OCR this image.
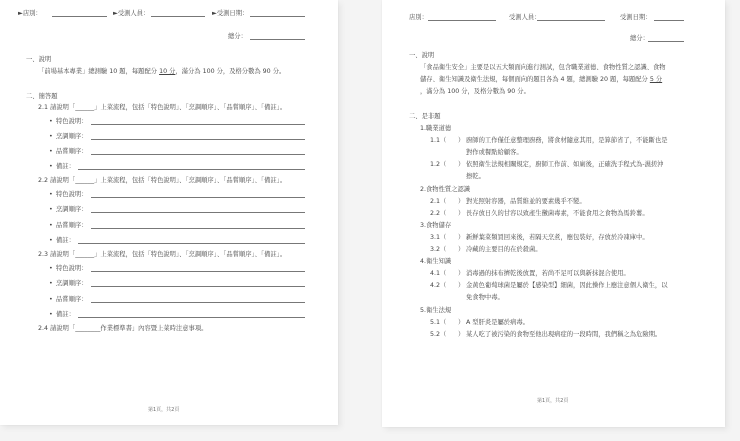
►店別：	►受測人員：	►受測日期：
總分：
一、說明
「前場基本專業」總測驗 10 題，每題配分 10 分，滿分為 100 分，及格分數為 90 分。
二、簡答題
2.1 請說明「______」上菜流程，包括「特色說明」、「烹調順序」、「品嘗順序」、「備註」。
• 特色說明：
• 烹調順序：
• 品嘗順序：
• 備註：
2.2 請說明「______」上菜流程，包括「特色說明」、「烹調順序」、「品嘗順序」、「備註」。
• 特色說明：
• 烹調順序：
• 品嘗順序：
• 備註：
2.3 請說明「______」上菜流程，包括「特色說明」、「烹調順序」、「品嘗順序」、「備註」。
• 特色說明：
• 烹調順序：
• 品嘗順序：
• 備註：
2.4 請說明「________作業標準書」內容暨上菜時注意事項。
第1頁，共2頁
店別：	受測人員：	受測日期：
總分：
一、說明
「食品衛生安全」主要是以五大類面向進行測試，包含職業道德、食物性質之認識、食物
儲存、衛生知識及衛生法規，每個面向的題目各為 4 題，總測驗 20 題，每題配分 5 分
，滿分為 100 分，及格分數為 90 分。
二、是非題
1.職業道德
1.1（ ） 廚師的工作僅任意整理廚務，將食材隨意其用，是算節省了，不能斷也是
對作或餐點給顧客。
1.2（ ） 依照衛生法規相關規定，廚師工作前、如廁後，正確洗手程式為-濕搓沖
擦乾。
2.食物性質之認識
2.1（ ） 對光照射容器，品質維並的要素幾乎不變。
2.2（ ） 長存放日久的甘容以致產生黴菌毒素，不能食用之食物為馬鈴薯。
3.食物儲存
3.1（ ） 新鮮葉菜類買回來後，若隔天烹煮，應包裝好，存放於冷凍庫中。
3.2（ ） 冷藏的主要目的在於殺菌。
4.衛生知識
4.1（ ） 消毒過的抹布擠乾後放置，若尚不足可以與新抹混合使用。
4.2（ ） 金黃色葡萄球菌是屬於【感染型】細菌，因此操作上應注意個人衛生，以
免食物中毒。
5.衛生法規
5.1（ ） A 型肝炎是屬於病毒。
5.2（ ） 某人吃了被污染的食物至他出現病症的一段時間，我們稱之為危險期。
第1頁，共2頁
